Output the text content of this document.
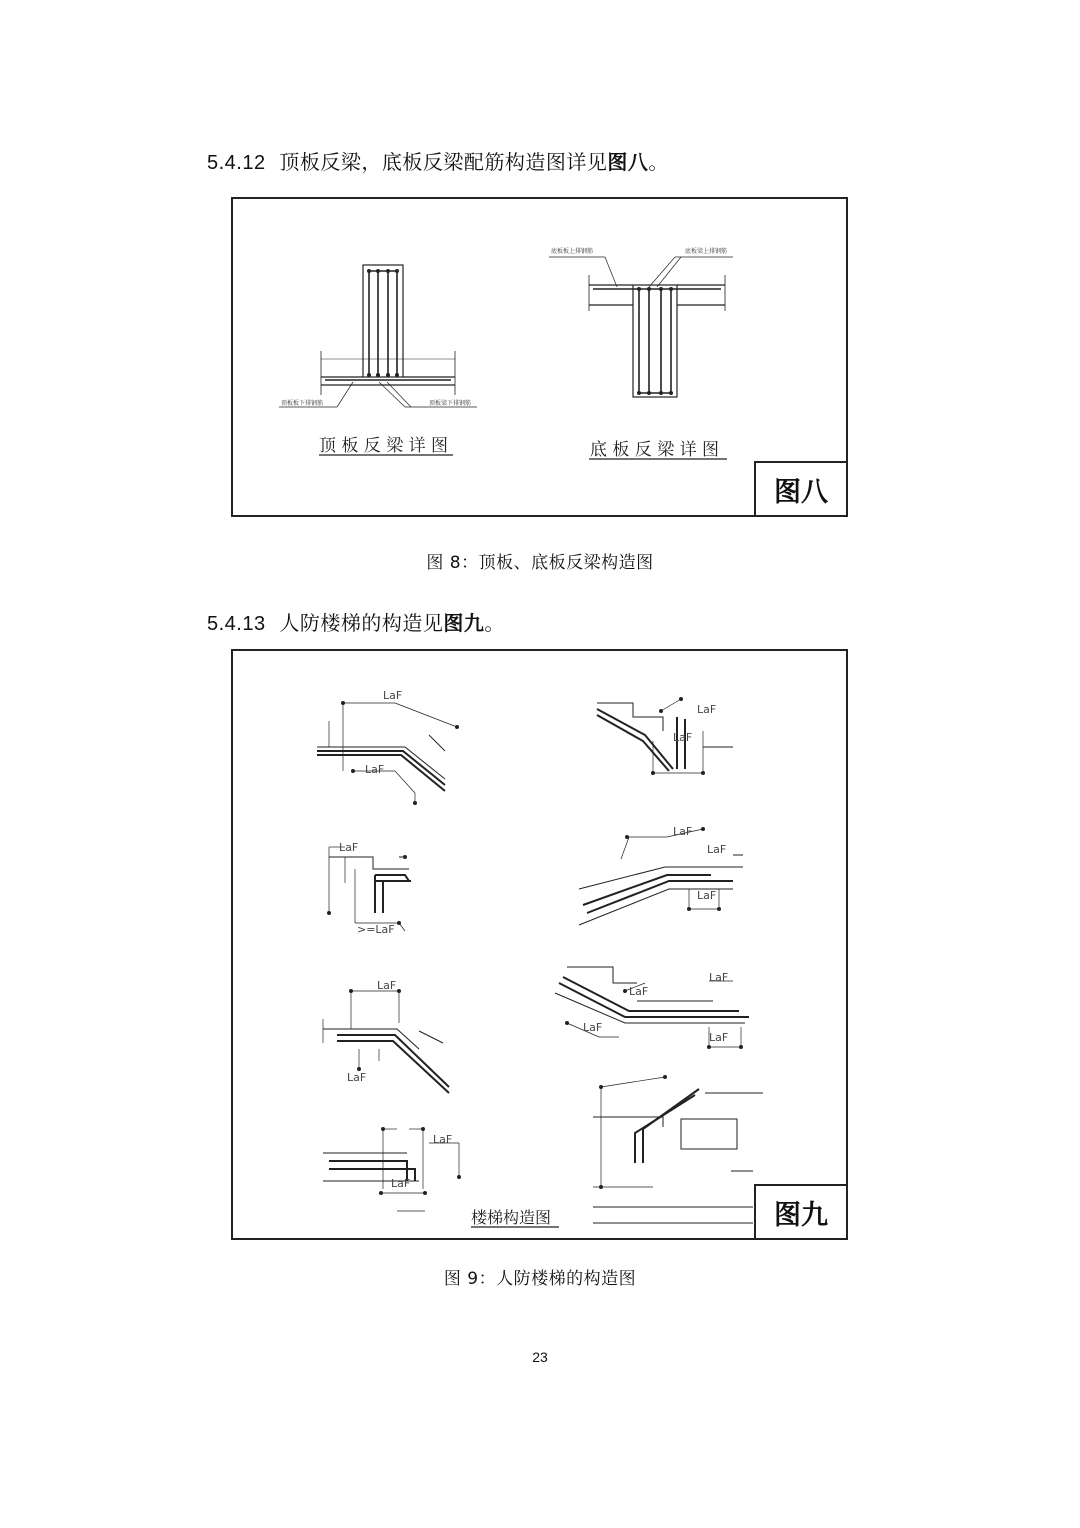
5.4.12 顶板反梁，底板反梁配筋构造图详见图八。
顶板板下排钢筋	顶板梁下排钢筋
底板板上排钢筋	底板梁上排钢筋
顶 板 反 梁 详 图	底 板 反 梁 详 图
图八
图 8：顶板、底板反梁构造图
5.4.13 人防楼梯的构造见图九。
LaF
LaF
LaF
LaF
LaF
>=LaF
LaF
LaF
LaF
LaF
LaF
LaF
LaF
LaF
LaF
LaF
LaF
楼梯构造图	图九
图 9：人防楼梯的构造图
23
